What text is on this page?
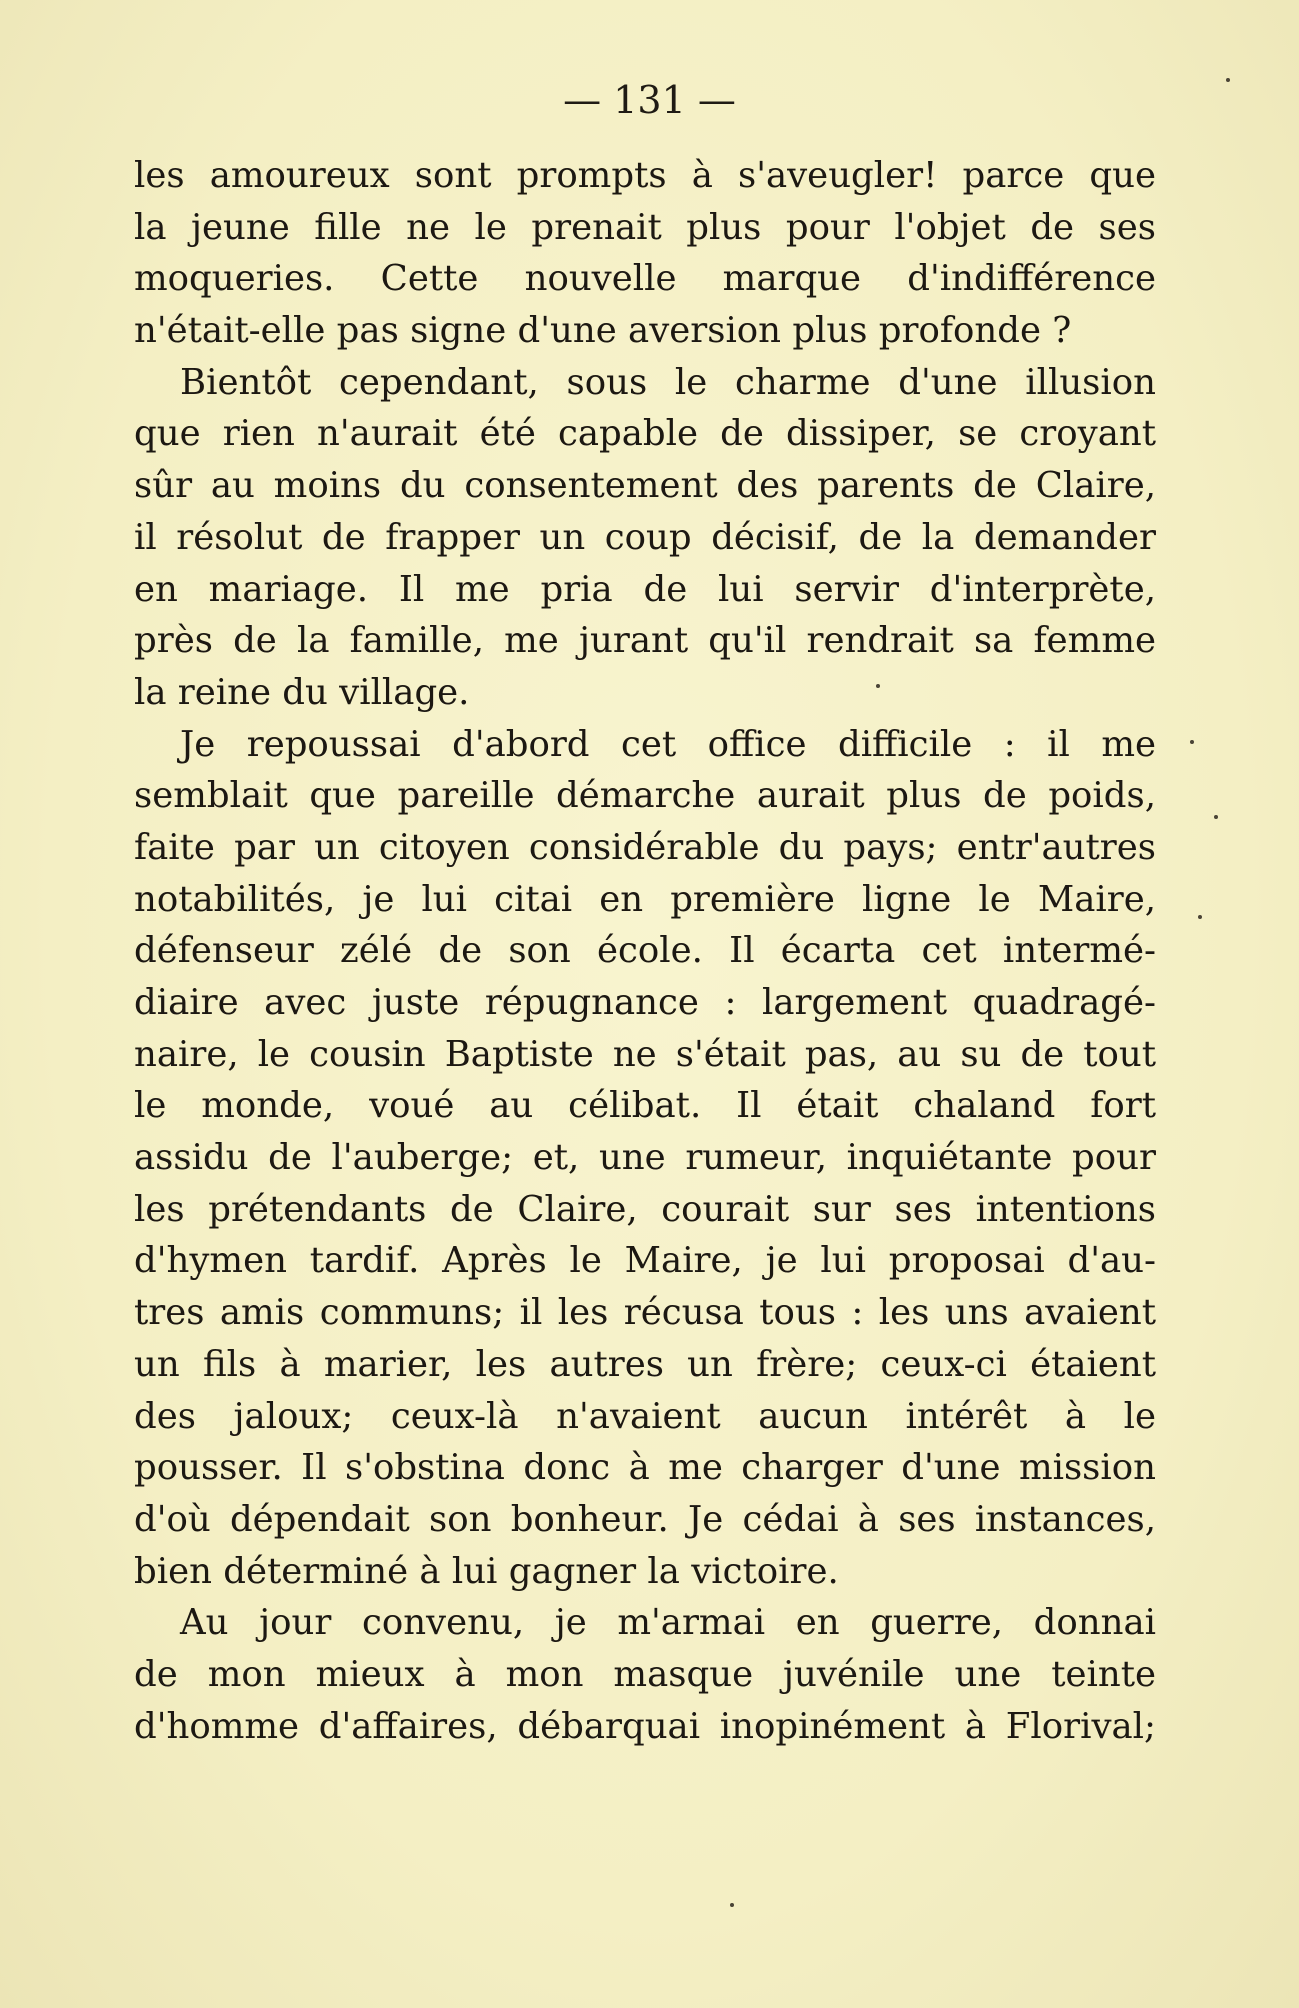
— 131 —
les amoureux sont prompts à s'aveugler! parce que
la jeune fille ne le prenait plus pour l'objet de ses
moqueries. Cette nouvelle marque d'indifférence
n'était-elle pas signe d'une aversion plus profonde ?
Bientôt cependant, sous le charme d'une illusion
que rien n'aurait été capable de dissiper, se croyant
sûr au moins du consentement des parents de Claire,
il résolut de frapper un coup décisif, de la demander
en mariage. Il me pria de lui servir d'interprète,
près de la famille, me jurant qu'il rendrait sa femme
la reine du village.
Je repoussai d'abord cet office difficile : il me
semblait que pareille démarche aurait plus de poids,
faite par un citoyen considérable du pays; entr'autres
notabilités, je lui citai en première ligne le Maire,
défenseur zélé de son école. Il écarta cet intermé-
diaire avec juste répugnance : largement quadragé-
naire, le cousin Baptiste ne s'était pas, au su de tout
le monde, voué au célibat. Il était chaland fort
assidu de l'auberge; et, une rumeur, inquiétante pour
les prétendants de Claire, courait sur ses intentions
d'hymen tardif. Après le Maire, je lui proposai d'au-
tres amis communs; il les récusa tous : les uns avaient
un fils à marier, les autres un frère; ceux-ci étaient
des jaloux; ceux-là n'avaient aucun intérêt à le
pousser. Il s'obstina donc à me charger d'une mission
d'où dépendait son bonheur. Je cédai à ses instances,
bien déterminé à lui gagner la victoire.
Au jour convenu, je m'armai en guerre, donnai
de mon mieux à mon masque juvénile une teinte
d'homme d'affaires, débarquai inopinément à Florival;
